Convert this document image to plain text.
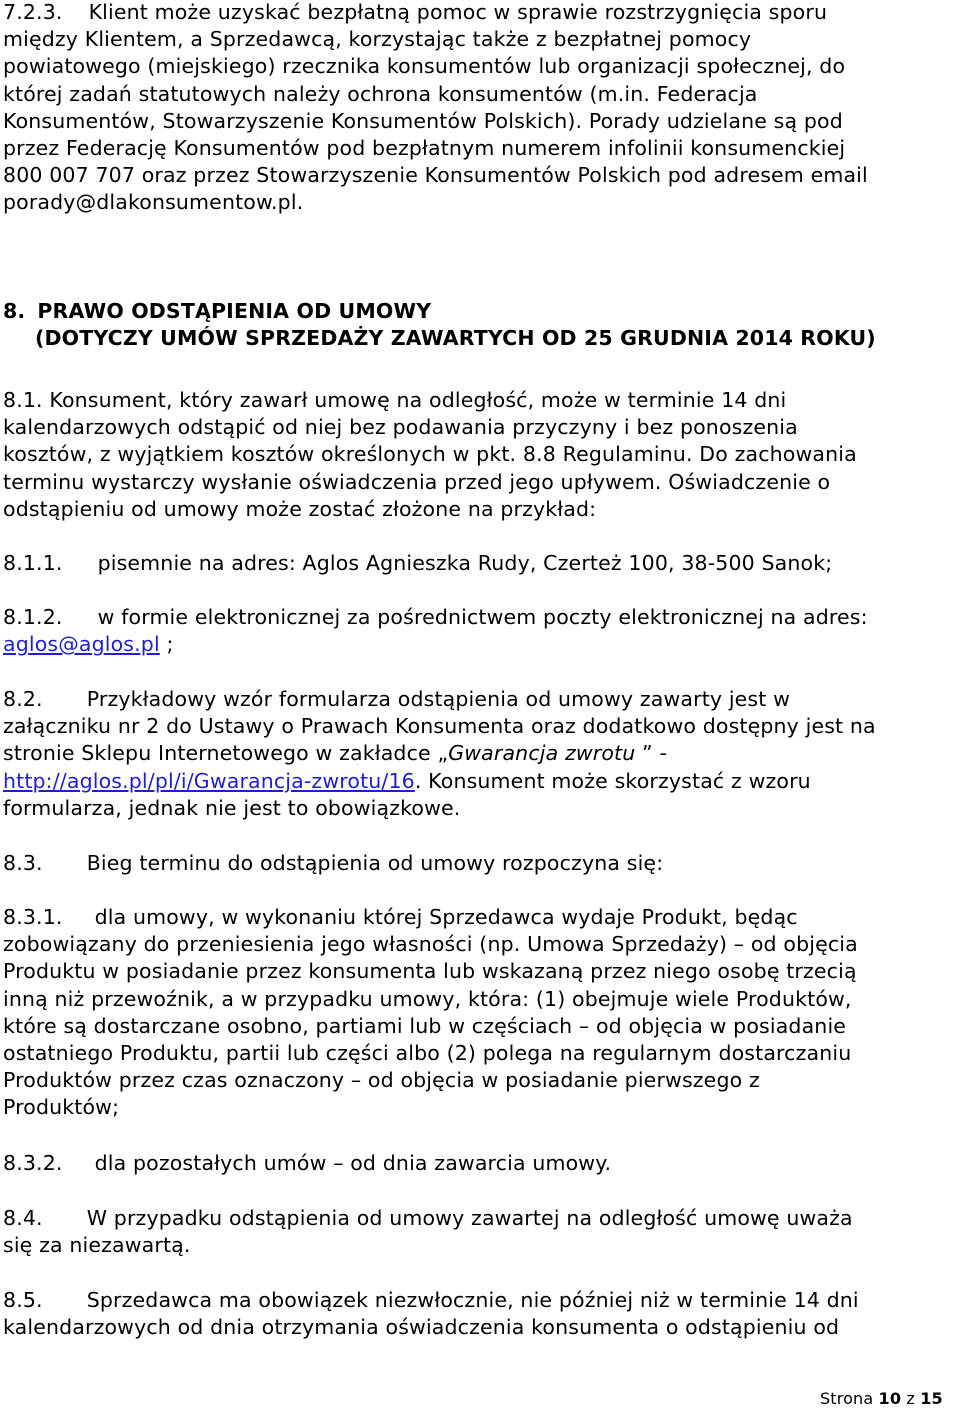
7.2.3. Klient może uzyskać bezpłatną pomoc w sprawie rozstrzygnięcia sporu
między Klientem, a Sprzedawcą, korzystając także z bezpłatnej pomocy
powiatowego (miejskiego) rzecznika konsumentów lub organizacji społecznej, do
której zadań statutowych należy ochrona konsumentów (m.in. Federacja
Konsumentów, Stowarzyszenie Konsumentów Polskich). Porady udzielane są pod
przez Federację Konsumentów pod bezpłatnym numerem infolinii konsumenckiej
800 007 707 oraz przez Stowarzyszenie Konsumentów Polskich pod adresem email
porady@dlakonsumentow.pl.
8. PRAWO ODSTĄPIENIA OD UMOWY
(DOTYCZY UMÓW SPRZEDAŻY ZAWARTYCH OD 25 GRUDNIA 2014 ROKU)
8.1. Konsument, który zawarł umowę na odległość, może w terminie 14 dni
kalendarzowych odstąpić od niej bez podawania przyczyny i bez ponoszenia
kosztów, z wyjątkiem kosztów określonych w pkt. 8.8 Regulaminu. Do zachowania
terminu wystarczy wysłanie oświadczenia przed jego upływem. Oświadczenie o
odstąpieniu od umowy może zostać złożone na przykład:
8.1.1. pisemnie na adres: Aglos Agnieszka Rudy, Czerteż 100, 38-500 Sanok;
8.1.2. w formie elektronicznej za pośrednictwem poczty elektronicznej na adres:
aglos@aglos.pl ;
8.2. Przykładowy wzór formularza odstąpienia od umowy zawarty jest w
załączniku nr 2 do Ustawy o Prawach Konsumenta oraz dodatkowo dostępny jest na
stronie Sklepu Internetowego w zakładce „Gwarancja zwrotu ” -
http://aglos.pl/pl/i/Gwarancja-zwrotu/16. Konsument może skorzystać z wzoru
formularza, jednak nie jest to obowiązkowe.
8.3. Bieg terminu do odstąpienia od umowy rozpoczyna się:
8.3.1. dla umowy, w wykonaniu której Sprzedawca wydaje Produkt, będąc
zobowiązany do przeniesienia jego własności (np. Umowa Sprzedaży) – od objęcia
Produktu w posiadanie przez konsumenta lub wskazaną przez niego osobę trzecią
inną niż przewoźnik, a w przypadku umowy, która: (1) obejmuje wiele Produktów,
które są dostarczane osobno, partiami lub w częściach – od objęcia w posiadanie
ostatniego Produktu, partii lub części albo (2) polega na regularnym dostarczaniu
Produktów przez czas oznaczony – od objęcia w posiadanie pierwszego z
Produktów;
8.3.2. dla pozostałych umów – od dnia zawarcia umowy.
8.4. W przypadku odstąpienia od umowy zawartej na odległość umowę uważa
się za niezawartą.
8.5. Sprzedawca ma obowiązek niezwłocznie, nie później niż w terminie 14 dni
kalendarzowych od dnia otrzymania oświadczenia konsumenta o odstąpieniu od
Strona 10 z 15
